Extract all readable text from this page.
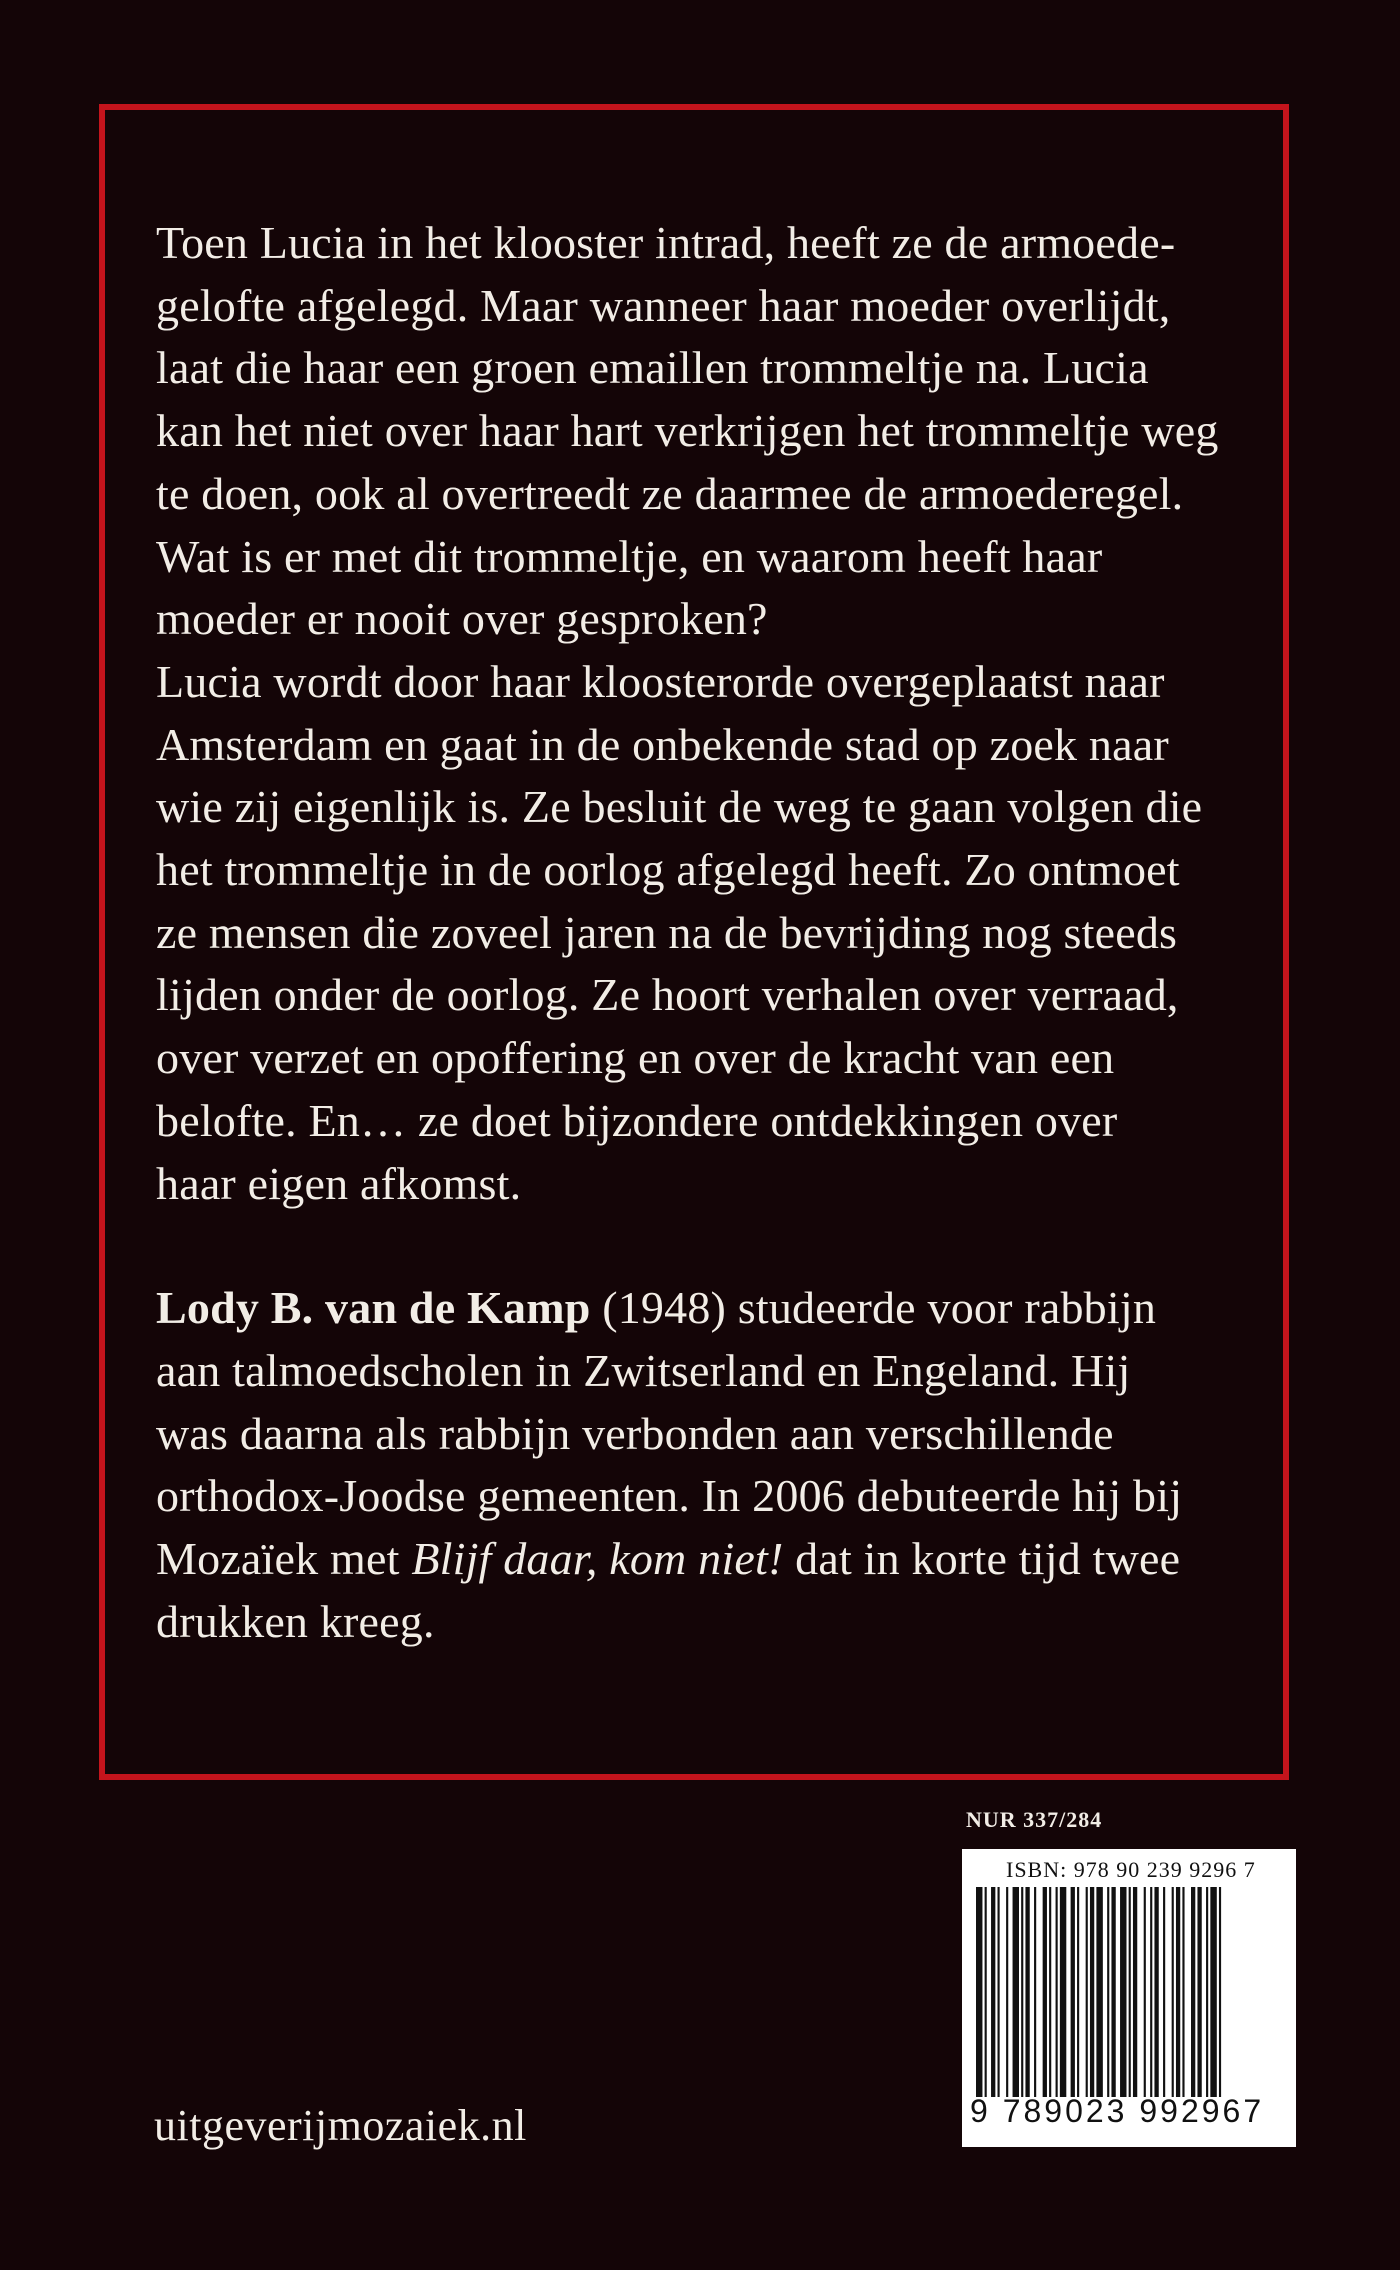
Toen Lucia in het klooster intrad, heeft ze de armoede-
gelofte afgelegd. Maar wanneer haar moeder overlijdt,
laat die haar een groen emaillen trommeltje na. Lucia
kan het niet over haar hart verkrijgen het trommeltje weg
te doen, ook al overtreedt ze daarmee de armoederegel.
Wat is er met dit trommeltje, en waarom heeft haar
moeder er nooit over gesproken?
Lucia wordt door haar kloosterorde overgeplaatst naar
Amsterdam en gaat in de onbekende stad op zoek naar
wie zij eigenlijk is. Ze besluit de weg te gaan volgen die
het trommeltje in de oorlog afgelegd heeft. Zo ontmoet
ze mensen die zoveel jaren na de bevrijding nog steeds
lijden onder de oorlog. Ze hoort verhalen over verraad,
over verzet en opoffering en over de kracht van een
belofte. En… ze doet bijzondere ontdekkingen over
haar eigen afkomst.

Lody B. van de Kamp (1948) studeerde voor rabbijn
aan talmoedscholen in Zwitserland en Engeland. Hij
was daarna als rabbijn verbonden aan verschillende
orthodox-Joodse gemeenten. In 2006 debuteerde hij bij
Mozaïek met Blijf daar, kom niet! dat in korte tijd twee
drukken kreeg.

NUR 337/284
ISBN: 978 90 239 9296 7
9 789023 992967
uitgeverijmozaiek.nl
